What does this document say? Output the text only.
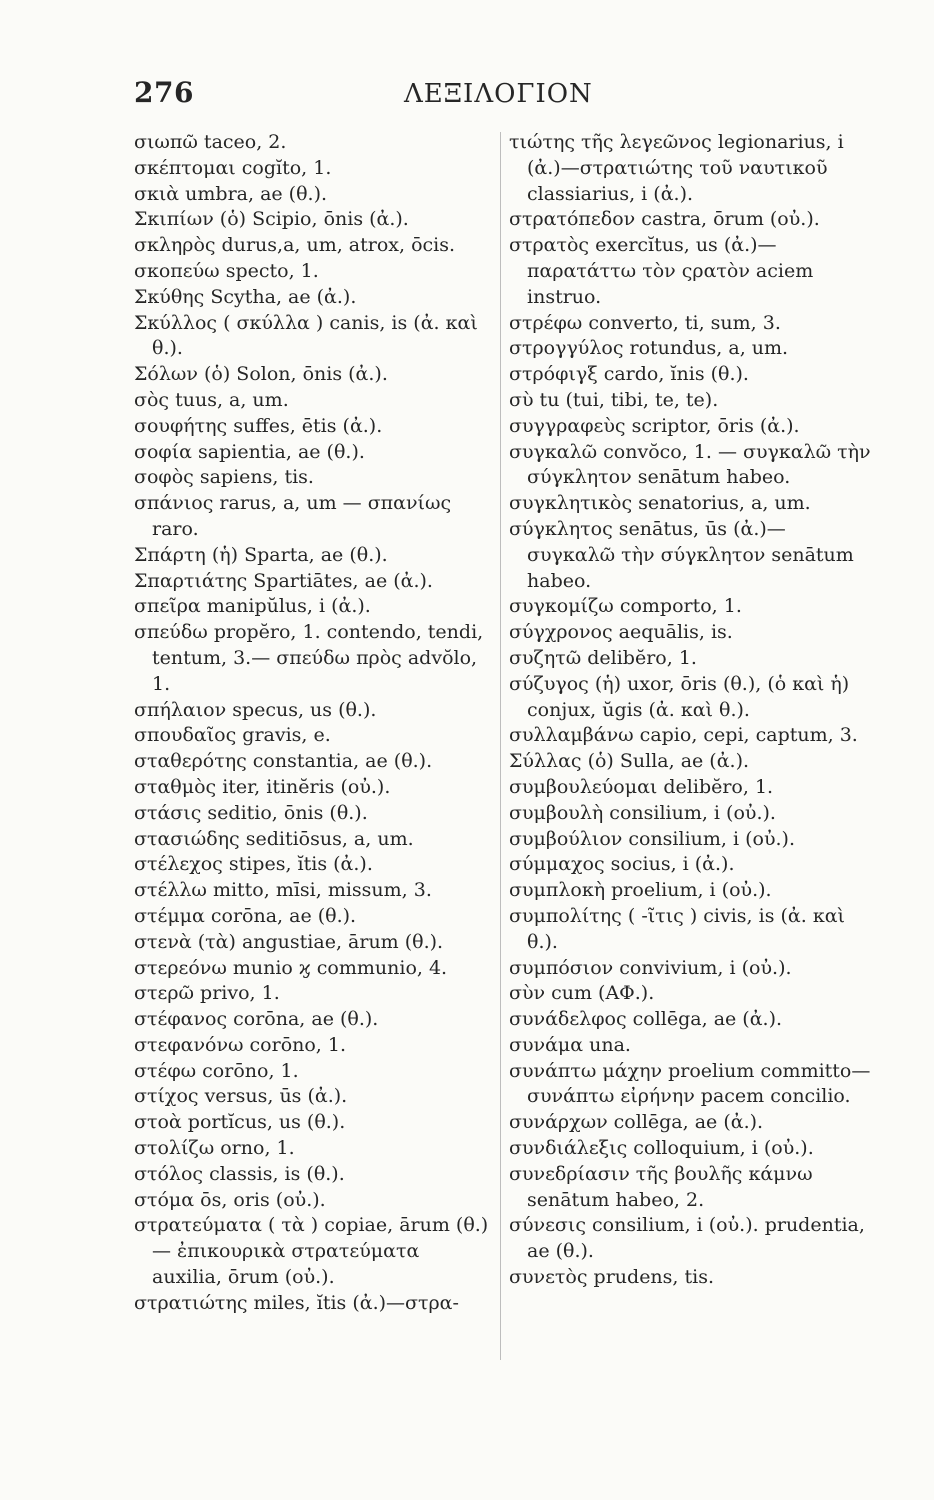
276	ΛΕΞΙΛΟΓΙΟΝ
σιωπῶ taceo, 2.
σκέπτομαι cogĭto, 1.
σκιὰ umbra, ae (θ.).
Σκιπίων (ὁ) Scipio, ōnis (ἀ.).
σκληρὸς durus,a, um, atrox, ōcis.
σκοπεύω specto, 1.
Σκύθης Scytha, ae (ἀ.).
Σκύλλος ( σκύλλα ) canis, is (ἀ. καὶ θ.).
Σόλων (ὁ) Solon, ōnis (ἀ.).
σὸς tuus, a, um.
σουφήτης suffes, ētis (ἀ.).
σοφία sapientia, ae (θ.).
σοφὸς sapiens, tis.
σπάνιος rarus, a, um — σπανίως raro.
Σπάρτη (ἡ) Sparta, ae (θ.).
Σπαρτιάτης Spartiātes, ae (ἀ.).
σπεῖρα manipŭlus, i (ἀ.).
σπεύδω propĕro, 1. contendo, tendi, tentum, 3.— σπεύδω πρὸς advŏlo, 1.
σπήλαιον specus, us (θ.).
σπουδαῖος gravis, e.
σταθερότης constantia, ae (θ.).
σταθμὸς iter, itinĕris (οὐ.).
στάσις seditio, ōnis (θ.).
στασιώδης seditiōsus, a, um.
στέλεχος stipes, ĭtis (ἀ.).
στέλλω mitto, mīsi, missum, 3.
στέμμα corōna, ae (θ.).
στενὰ (τὰ) angustiae, ārum (θ.).
στερεόνω munio ϗ communio, 4.
στερῶ privo, 1.
στέφανος corōna, ae (θ.).
στεφανόνω corōno, 1.
στέφω corōno, 1.
στίχος versus, ūs (ἀ.).
στοὰ portĭcus, us (θ.).
στολίζω orno, 1.
στόλος classis, is (θ.).
στόμα ōs, oris (οὐ.).
στρατεύματα ( τὰ ) copiae, ārum (θ.) — ἐπικουρικὰ στρατεύματα auxilia, ōrum (οὐ.).
στρατιώτης miles, ĭtis (ἀ.)—στρα-
τιώτης τῆς λεγεῶνος legionarius, i (ἀ.)—στρατιώτης τοῦ ναυτικοῦ classiarius, i (ἀ.).
στρατόπεδον castra, ōrum (οὐ.).
στρατὸς exercĭtus, us (ἀ.)—παρατάττω τὸν ςρατὸν aciem instruo.
στρέφω converto, ti, sum, 3.
στρογγύλος rotundus, a, um.
στρόφιγξ cardo, ĭnis (θ.).
σὺ tu (tui, tibi, te, te).
συγγραφεὺς scriptor, ōris (ἀ.).
συγκαλῶ convŏco, 1. — συγκαλῶ τὴν σύγκλητον senātum habeo.
συγκλητικὸς senatorius, a, um.
σύγκλητος senātus, ūs (ἀ.)—συγκαλῶ τὴν σύγκλητον senātum habeo.
συγκομίζω comporto, 1.
σύγχρονος aequālis, is.
συζητῶ delibĕro, 1.
σύζυγος (ἡ) uxor, ōris (θ.), (ὁ καὶ ἡ) conjux, ŭgis (ἀ. καὶ θ.).
συλλαμβάνω capio, cepi, captum, 3.
Σύλλας (ὁ) Sulla, ae (ἀ.).
συμβουλεύομαι delibĕro, 1.
συμβουλὴ consilium, i (οὐ.).
συμβούλιον consilium, i (οὐ.).
σύμμαχος socius, i (ἀ.).
συμπλοκὴ proelium, i (οὐ.).
συμπολίτης ( -ῖτις ) civis, is (ἀ. καὶ θ.).
συμπόσιον convivium, i (οὐ.).
σὺν cum (ΑΦ.).
συνάδελφος collēga, ae (ἀ.).
συνάμα una.
συνάπτω μάχην proelium committo—συνάπτω εἰρήνην pacem concilio.
συνάρχων collēga, ae (ἀ.).
συνδιάλεξις colloquium, i (οὐ.).
συνεδρίασιν τῆς βουλῆς κάμνω senātum habeo, 2.
σύνεσις consilium, i (οὐ.). prudentia, ae (θ.).
συνετὸς prudens, tis.
